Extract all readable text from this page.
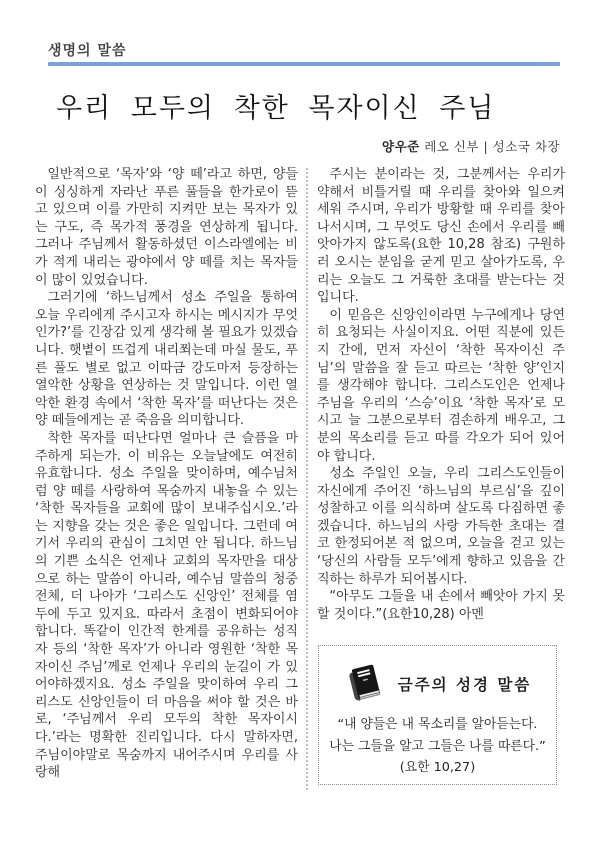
생명의 말씀
우리 모두의 착한 목자이신 주님
양우준 레오 신부 | 성소국 차장

일반적으로 ‘목자’와 ‘양 떼’라고 하면, 양들이 싱싱하게 자라난 푸른 풀들을 한가로이 뜯고 있으며 이를 가만히 지켜만 보는 목자가 있는 구도, 즉 목가적 풍경을 연상하게 됩니다. 그러나 주님께서 활동하셨던 이스라엘에는 비가 적게 내리는 광야에서 양 떼를 치는 목자들이 많이 있었습니다.

그러기에 ‘하느님께서 성소 주일을 통하여 오늘 우리에게 주시고자 하시는 메시지가 무엇인가?’를 긴장감 있게 생각해 볼 필요가 있겠습니다. 햇볕이 뜨겁게 내리쬐는데 마실 물도, 푸른 풀도 별로 없고 이따금 강도마저 등장하는 열악한 상황을 연상하는 것 말입니다. 이런 열악한 환경 속에서 ‘착한 목자’를 떠난다는 것은 양 떼들에게는 곧 죽음을 의미합니다.

착한 목자를 떠난다면 얼마나 큰 슬픔을 마주하게 되는가. 이 비유는 오늘날에도 여전히 유효합니다. 성소 주일을 맞이하며, 예수님처럼 양 떼를 사랑하여 목숨까지 내놓을 수 있는 ‘착한 목자들을 교회에 많이 보내주십시오.’라는 지향을 갖는 것은 좋은 일입니다. 그런데 여기서 우리의 관심이 그치면 안 됩니다. 하느님의 기쁜 소식은 언제나 교회의 목자만을 대상으로 하는 말씀이 아니라, 예수님 말씀의 청중 전체, 더 나아가 ‘그리스도 신앙인’ 전체를 염두에 두고 있지요. 따라서 초점이 변화되어야 합니다. 똑같이 인간적 한계를 공유하는 성직자 등의 ‘착한 목자’가 아니라 영원한 ‘착한 목자이신 주님’께로 언제나 우리의 눈길이 가 있어야하겠지요. 성소 주일을 맞이하여 우리 그리스도 신앙인들이 더 마음을 써야 할 것은 바로, ‘주님께서 우리 모두의 착한 목자이시다.’라는 명확한 진리입니다. 다시 말하자면, 주님이야말로 목숨까지 내어주시며 우리를 사랑해

주시는 분이라는 것, 그분께서는 우리가 약해서 비틀거릴 때 우리를 찾아와 일으켜 세워 주시며, 우리가 방황할 때 우리를 찾아 나서시며, 그 무엇도 당신 손에서 우리를 빼앗아가지 않도록(요한 10,28 참조) 구원하러 오시는 분임을 굳게 믿고 살아가도록, 우리는 오늘도 그 거룩한 초대를 받는다는 것입니다.

이 믿음은 신앙인이라면 누구에게나 당연히 요청되는 사실이지요. 어떤 직분에 있든지 간에, 먼저 자신이 ‘착한 목자이신 주님’의 말씀을 잘 듣고 따르는 ‘착한 양’인지를 생각해야 합니다. 그리스도인은 언제나 주님을 우리의 ‘스승’이요 ‘착한 목자’로 모시고 늘 그분으로부터 겸손하게 배우고, 그분의 목소리를 듣고 따를 각오가 되어 있어야 합니다.

성소 주일인 오늘, 우리 그리스도인들이 자신에게 주어진 ‘하느님의 부르심’을 깊이 성찰하고 이를 의식하며 살도록 다짐하면 좋겠습니다. 하느님의 사랑 가득한 초대는 결코 한정되어본 적 없으며, 오늘을 걷고 있는 ‘당신의 사람들 모두’에게 향하고 있음을 간직하는 하루가 되어봅시다.

“아무도 그들을 내 손에서 빼앗아 가지 못할 것이다.”(요한10,28) 아멘

금주의 성경 말씀
“내 양들은 내 목소리를 알아듣는다.
나는 그들을 알고 그들은 나를 따른다.”
(요한 10,27)
